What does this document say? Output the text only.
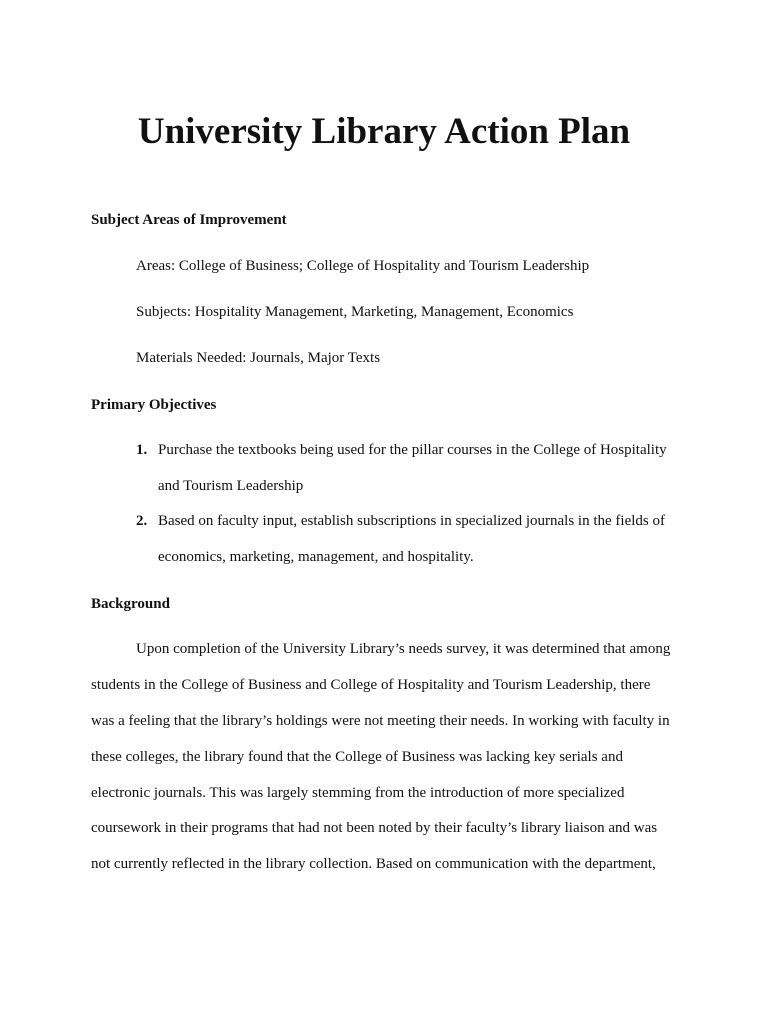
University Library Action Plan
Subject Areas of Improvement
Areas: College of Business; College of Hospitality and Tourism Leadership
Subjects: Hospitality Management, Marketing, Management, Economics
Materials Needed: Journals, Major Texts
Primary Objectives
1. Purchase the textbooks being used for the pillar courses in the College of Hospitality
and Tourism Leadership
2. Based on faculty input, establish subscriptions in specialized journals in the fields of
economics, marketing, management, and hospitality.
Background
Upon completion of the University Library’s needs survey, it was determined that among
students in the College of Business and College of Hospitality and Tourism Leadership, there
was a feeling that the library’s holdings were not meeting their needs. In working with faculty in
these colleges, the library found that the College of Business was lacking key serials and
electronic journals. This was largely stemming from the introduction of more specialized
coursework in their programs that had not been noted by their faculty’s library liaison and was
not currently reflected in the library collection. Based on communication with the department,
